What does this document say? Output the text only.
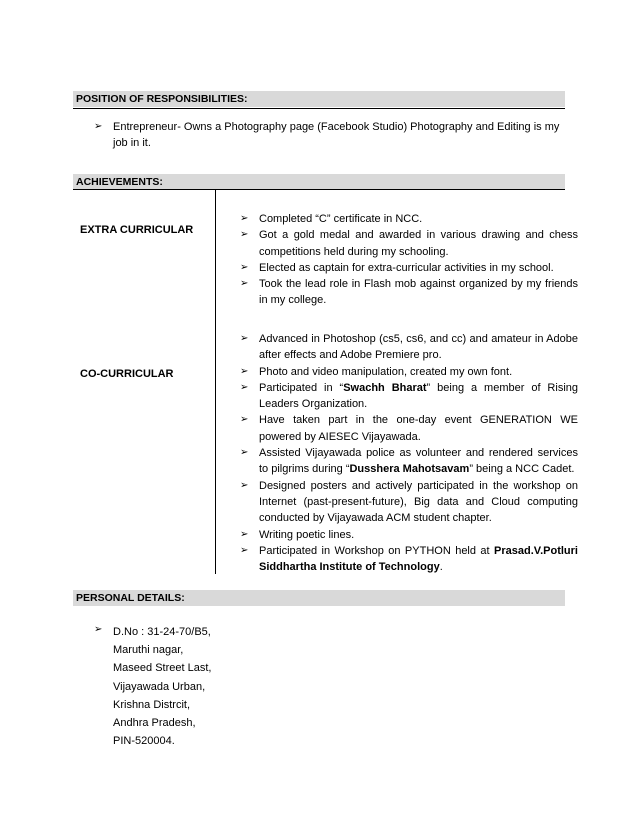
POSITION OF RESPONSIBILITIES:
➢ Entrepreneur- Owns a Photography page (Facebook Studio) Photography and Editing is my job in it.
ACHIEVEMENTS:
EXTRA CURRICULAR
➢ Completed “C” certificate in NCC.
➢ Got a gold medal and awarded in various drawing and chess competitions held during my schooling.
➢ Elected as captain for extra-curricular activities in my school.
➢ Took the lead role in Flash mob against organized by my friends in my college.
CO-CURRICULAR
➢ Advanced in Photoshop (cs5, cs6, and cc) and amateur in Adobe after effects and Adobe Premiere pro.
➢ Photo and video manipulation, created my own font.
➢ Participated in “Swachh Bharat” being a member of Rising Leaders Organization.
➢ Have taken part in the one-day event GENERATION WE powered by AIESEC Vijayawada.
➢ Assisted Vijayawada police as volunteer and rendered services to pilgrims during “Dusshera Mahotsavam” being a NCC Cadet.
➢ Designed posters and actively participated in the workshop on Internet (past-present-future), Big data and Cloud computing conducted by Vijayawada ACM student chapter.
➢ Writing poetic lines.
➢ Participated in Workshop on PYTHON held at Prasad.V.Potluri Siddhartha Institute of Technology.
PERSONAL DETAILS:
➢ D.No : 31-24-70/B5,
Maruthi nagar,
Maseed Street Last,
Vijayawada Urban,
Krishna Distrcit,
Andhra Pradesh,
PIN-520004.
